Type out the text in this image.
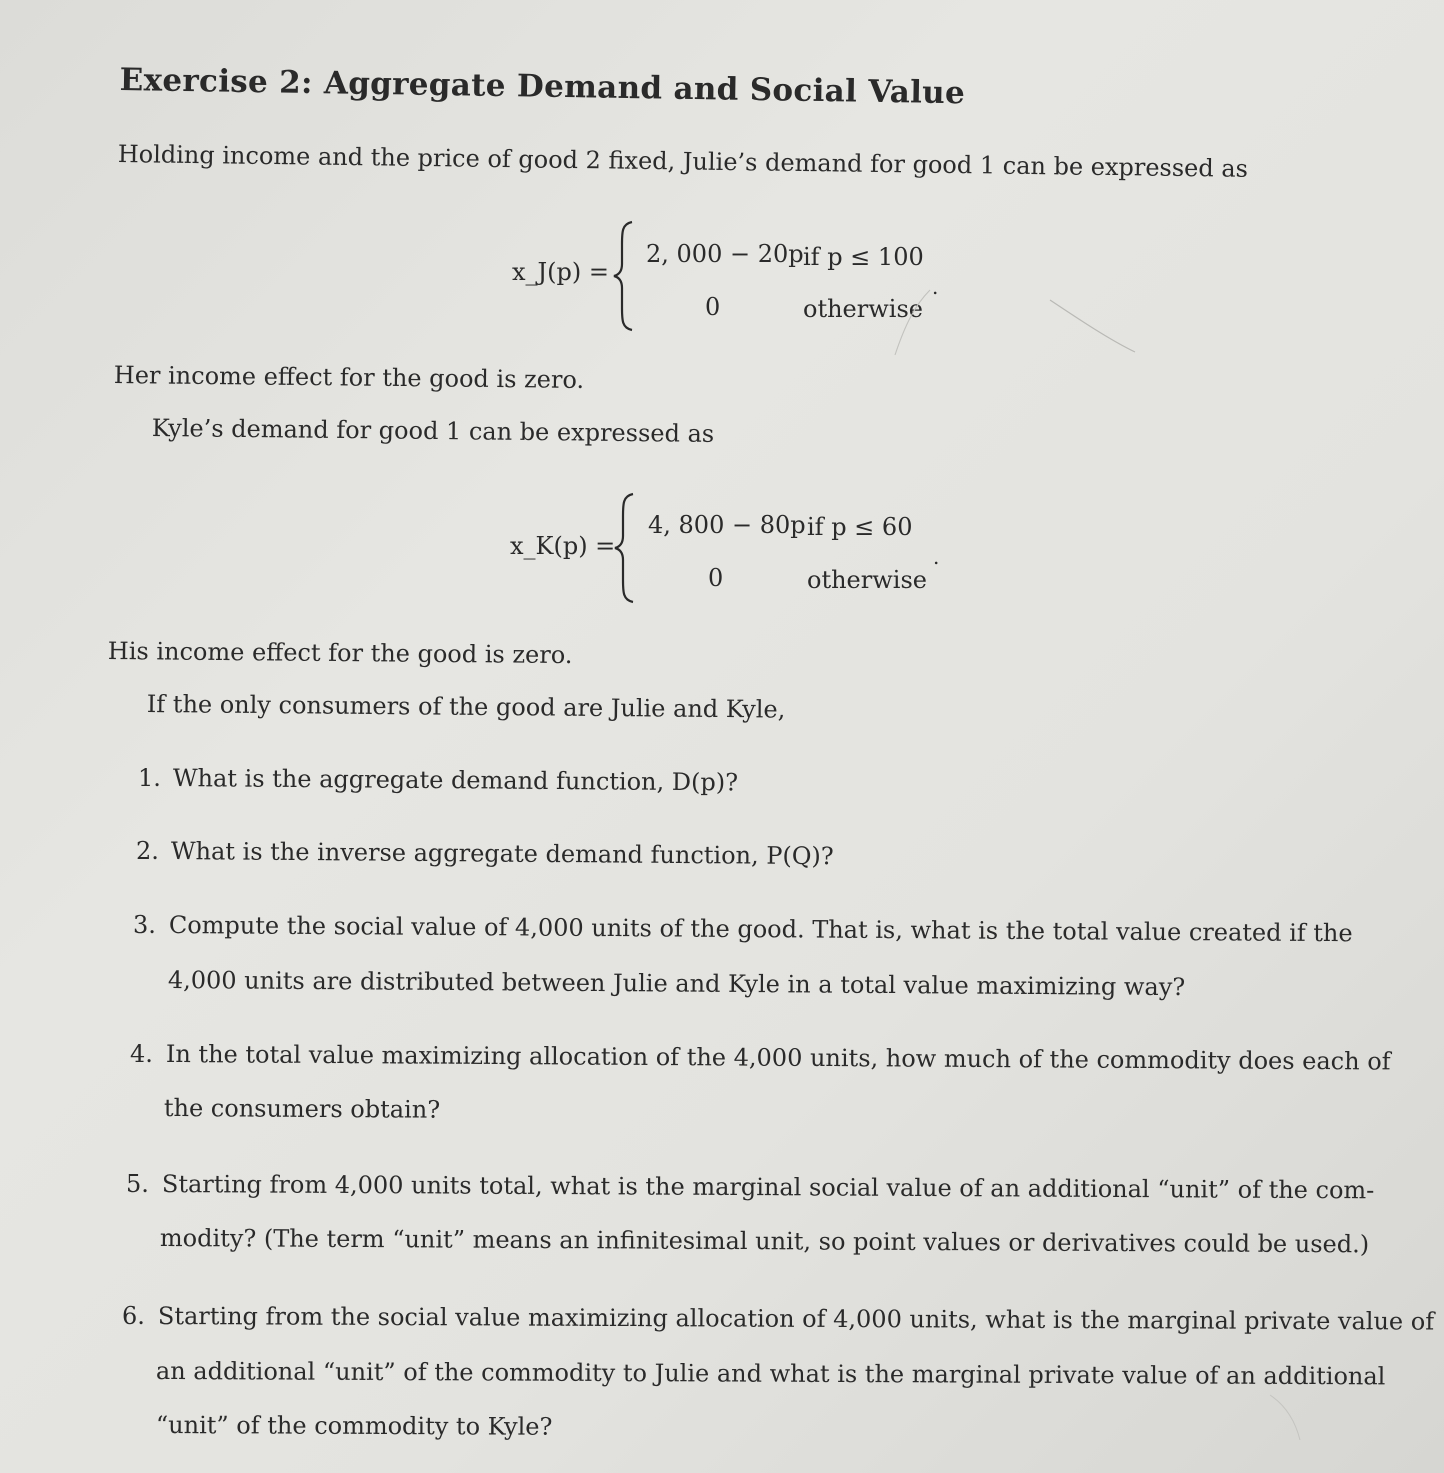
Exercise 2: Aggregate Demand and Social Value
Holding income and the price of good 2 fixed, Julie’s demand for good 1 can be expressed as
x_J(p) =
2, 000 − 20p if p ≤ 100
0	otherwise
.
Her income effect for the good is zero.
Kyle’s demand for good 1 can be expressed as
x_K(p) =
4, 800 − 80p if p ≤ 60
0	otherwise
.
His income effect for the good is zero.
If the only consumers of the good are Julie and Kyle,
1. What is the aggregate demand function, D(p)?
2. What is the inverse aggregate demand function, P(Q)?
3. Compute the social value of 4,000 units of the good. That is, what is the total value created if the
4,000 units are distributed between Julie and Kyle in a total value maximizing way?
4. In the total value maximizing allocation of the 4,000 units, how much of the commodity does each of
the consumers obtain?
5. Starting from 4,000 units total, what is the marginal social value of an additional “unit” of the com-
modity? (The term “unit” means an infinitesimal unit, so point values or derivatives could be used.)
6. Starting from the social value maximizing allocation of 4,000 units, what is the marginal private value of
an additional “unit” of the commodity to Julie and what is the marginal private value of an additional
“unit” of the commodity to Kyle?
